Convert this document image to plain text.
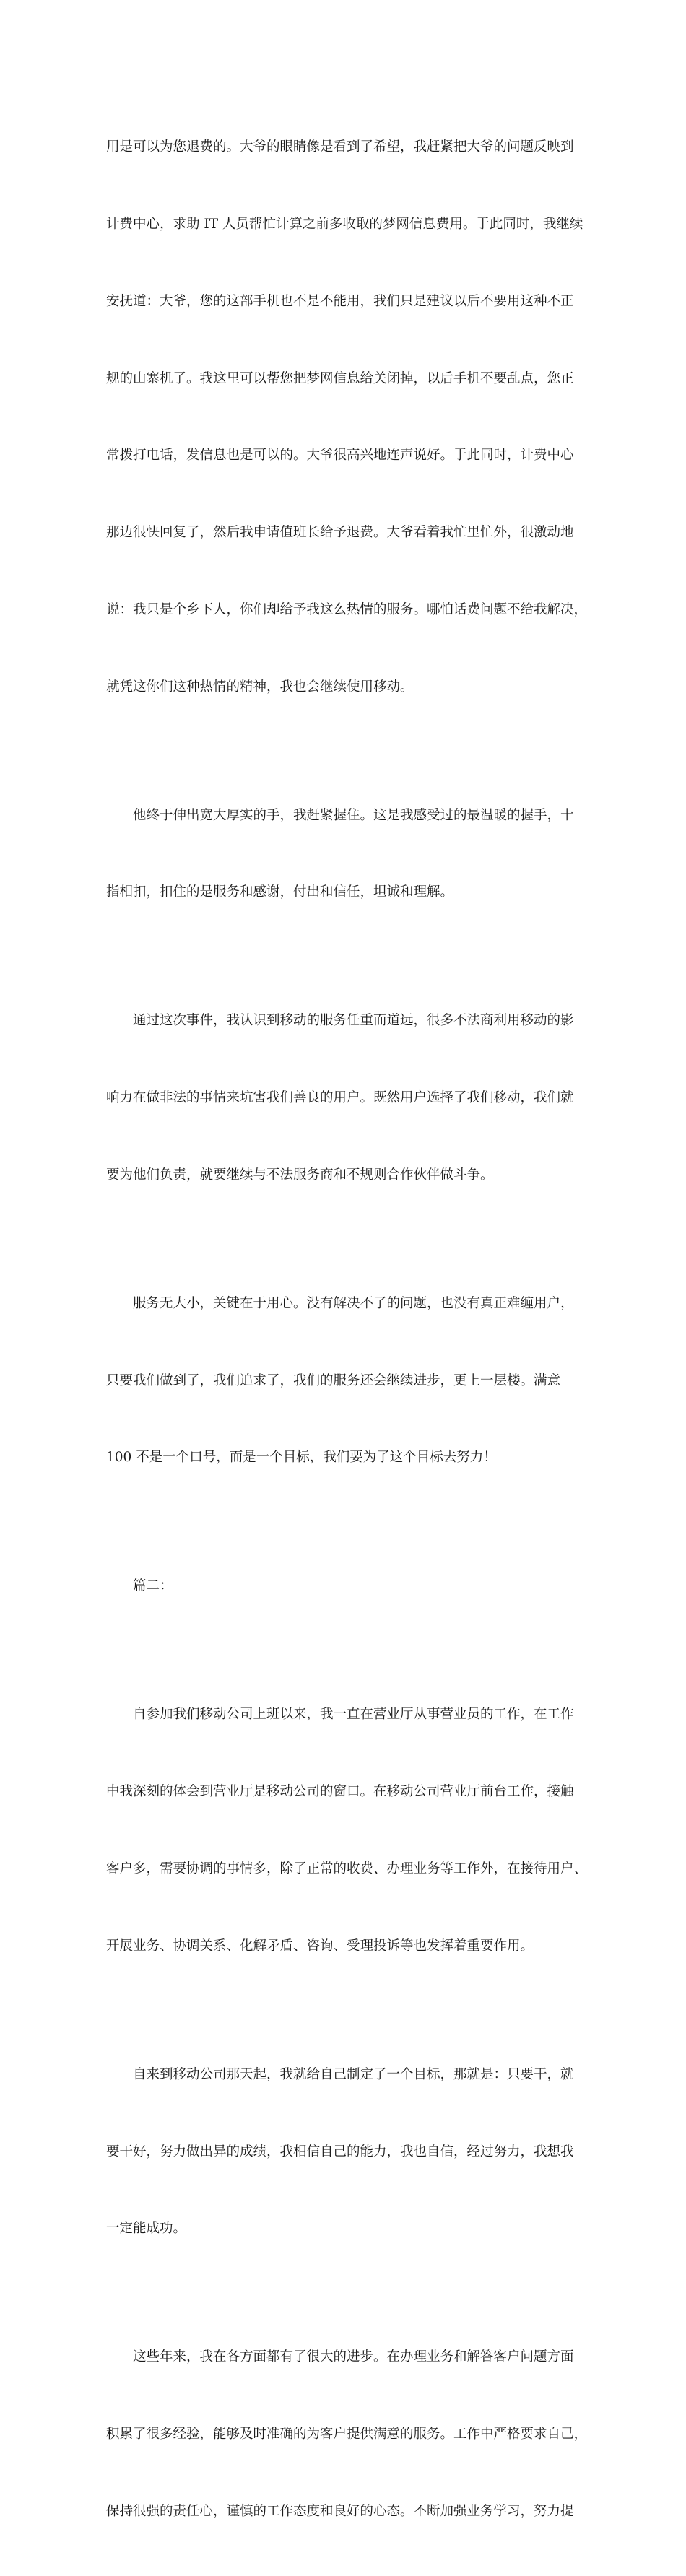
用是可以为您退费的。大爷的眼睛像是看到了希望，我赶紧把大爷的问题反映到

计费中心，求助 IT 人员帮忙计算之前多收取的梦网信息费用。于此同时，我继续

安抚道：大爷，您的这部手机也不是不能用，我们只是建议以后不要用这种不正

规的山寨机了。我这里可以帮您把梦网信息给关闭掉，以后手机不要乱点，您正

常拨打电话，发信息也是可以的。大爷很高兴地连声说好。于此同时，计费中心

那边很快回复了，然后我申请值班长给予退费。大爷看着我忙里忙外，很激动地

说：我只是个乡下人，你们却给予我这么热情的服务。哪怕话费问题不给我解决，

就凭这你们这种热情的精神，我也会继续使用移动。

他终于伸出宽大厚实的手，我赶紧握住。这是我感受过的最温暖的握手，十

指相扣，扣住的是服务和感谢，付出和信任，坦诚和理解。

通过这次事件，我认识到移动的服务任重而道远，很多不法商利用移动的影

响力在做非法的事情来坑害我们善良的用户。既然用户选择了我们移动，我们就

要为他们负责，就要继续与不法服务商和不规则合作伙伴做斗争。

服务无大小，关键在于用心。没有解决不了的问题，也没有真正难缠用户，

只要我们做到了，我们追求了，我们的服务还会继续进步，更上一层楼。满意

100 不是一个口号，而是一个目标，我们要为了这个目标去努力！

篇二：

自参加我们移动公司上班以来，我一直在营业厅从事营业员的工作，在工作

中我深刻的体会到营业厅是移动公司的窗口。在移动公司营业厅前台工作，接触

客户多，需要协调的事情多，除了正常的收费、办理业务等工作外，在接待用户、

开展业务、协调关系、化解矛盾、咨询、受理投诉等也发挥着重要作用。

自来到移动公司那天起，我就给自己制定了一个目标，那就是：只要干，就

要干好，努力做出异的成绩，我相信自己的能力，我也自信，经过努力，我想我

一定能成功。

这些年来，我在各方面都有了很大的进步。在办理业务和解答客户问题方面

积累了很多经验，能够及时准确的为客户提供满意的服务。工作中严格要求自己，

保持很强的责任心，谨慎的工作态度和良好的心态。不断加强业务学习，努力提
